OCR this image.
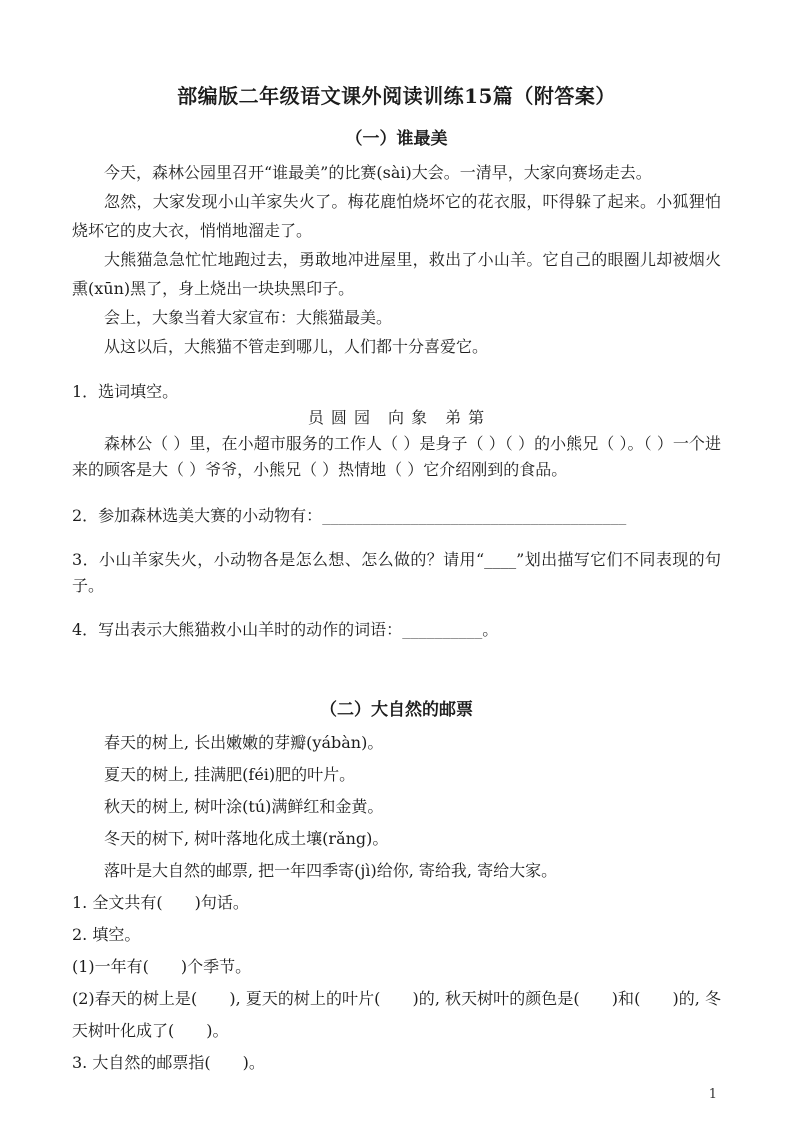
部编版二年级语文课外阅读训练15篇（附答案）
（一）谁最美

今天，森林公园里召开“谁最美”的比赛(sài)大会。一清早，大家向赛场走去。

忽然，大家发现小山羊家失火了。梅花鹿怕烧坏它的花衣服，吓得躲了起来。小狐狸怕烧坏它的皮大衣，悄悄地溜走了。

大熊猫急急忙忙地跑过去，勇敢地冲进屋里，救出了小山羊。它自己的眼圈儿却被烟火熏(xūn)黑了，身上烧出一块块黑印子。

会上，大象当着大家宣布：大熊猫最美。

从这以后，大熊猫不管走到哪儿，人们都十分喜爱它。

1．选词填空。

员 圆 园　向 象　弟 第

森林公（ ）里，在小超市服务的工作人（ ）是身子（ ）（ ）的小熊兄（ ）。（ ）一个进来的顾客是大（ ）爷爷，小熊兄（ ）热情地（ ）它介绍刚到的食品。

2．参加森林选美大赛的小动物有：______________________________________

3．小山羊家失火，小动物各是怎么想、怎么做的？请用“____”划出描写它们不同表现的句子。

4．写出表示大熊猫救小山羊时的动作的词语：__________。

（二）大自然的邮票

春天的树上, 长出嫩嫩的芽瓣(yábàn)。

夏天的树上, 挂满肥(féi)肥的叶片。

秋天的树上, 树叶涂(tú)满鲜红和金黄。

冬天的树下, 树叶落地化成土壤(rǎng)。

落叶是大自然的邮票, 把一年四季寄(jì)给你, 寄给我, 寄给大家。

1. 全文共有(　　)句话。

2. 填空。

(1)一年有(　　)个季节。

(2)春天的树上是(　　), 夏天的树上的叶片(　　)的, 秋天树叶的颜色是(　　)和(　　)的, 冬天树叶化成了(　　)。

3. 大自然的邮票指(　　)。

1
